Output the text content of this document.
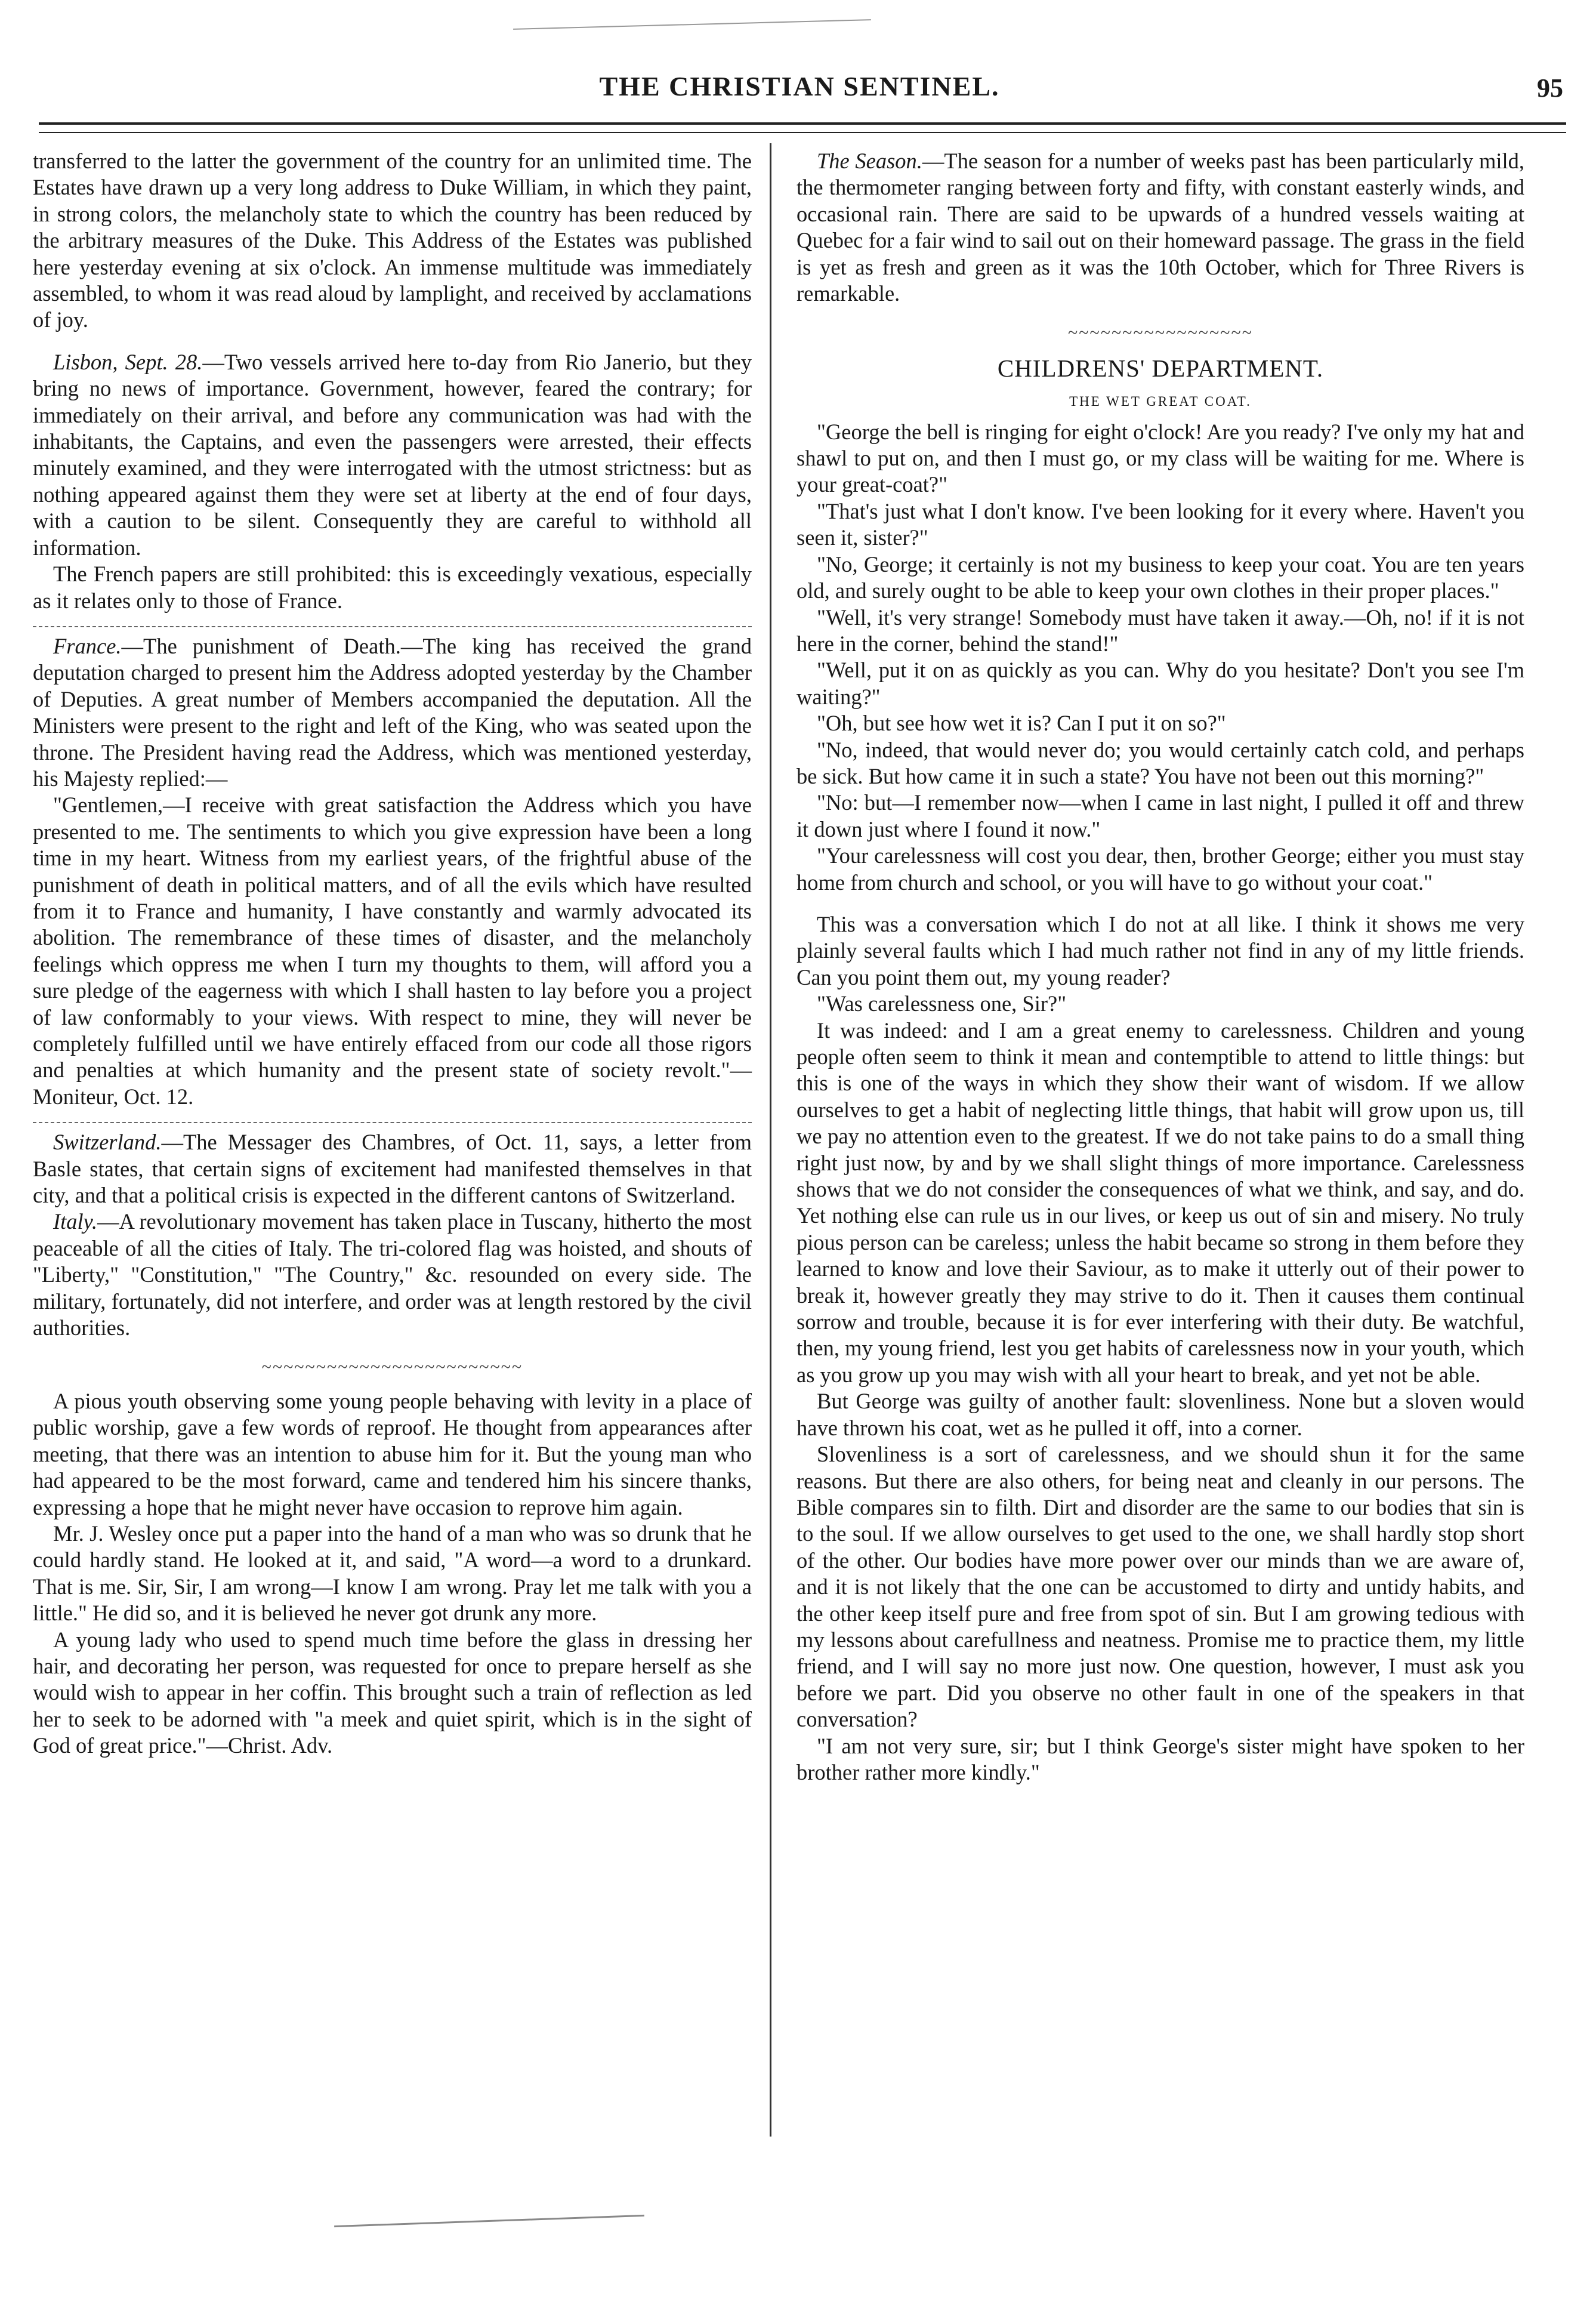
THE CHRISTIAN SENTINEL.	95

transferred to the latter the government of the country for an unlimited time. The Estates have drawn up a very long address to Duke William, in which they paint, in strong colors, the melancholy state to which the country has been reduced by the arbitrary measures of the Duke. This Address of the Estates was published here yesterday evening at six o'clock. An immense multitude was immediately assembled, to whom it was read aloud by lamplight, and received by acclamations of joy.

Lisbon, Sept. 28.—Two vessels arrived here to-day from Rio Janerio, but they bring no news of importance. Government, however, feared the contrary; for immediately on their arrival, and before any communication was had with the inhabitants, the Captains, and even the passengers were arrested, their effects minutely examined, and they were interrogated with the utmost strictness: but as nothing appeared against them they were set at liberty at the end of four days, with a caution to be silent. Consequently they are careful to withhold all information.

The French papers are still prohibited: this is exceedingly vexatious, especially as it relates only to those of France.

France.—The punishment of Death.—The king has received the grand deputation charged to present him the Address adopted yesterday by the Chamber of Deputies. A great number of Members accompanied the deputation. All the Ministers were present to the right and left of the King, who was seated upon the throne. The President having read the Address, which was mentioned yesterday, his Majesty replied:—

"Gentlemen,—I receive with great satisfaction the Address which you have presented to me. The sentiments to which you give expression have been a long time in my heart. Witness from my earliest years, of the frightful abuse of the punishment of death in political matters, and of all the evils which have resulted from it to France and humanity, I have constantly and warmly advocated its abolition. The remembrance of these times of disaster, and the melancholy feelings which oppress me when I turn my thoughts to them, will afford you a sure pledge of the eagerness with which I shall hasten to lay before you a project of law conformably to your views. With respect to mine, they will never be completely fulfilled until we have entirely effaced from our code all those rigors and penalties at which humanity and the present state of society revolt."—Moniteur, Oct. 12.

Switzerland.—The Messager des Chambres, of Oct. 11, says, a letter from Basle states, that certain signs of excitement had manifested themselves in that city, and that a political crisis is expected in the different cantons of Switzerland.

Italy.—A revolutionary movement has taken place in Tuscany, hitherto the most peaceable of all the cities of Italy. The tri-colored flag was hoisted, and shouts of "Liberty," "Constitution," "The Country," &c. resounded on every side. The military, fortunately, did not interfere, and order was at length restored by the civil authorities.

~~~~~~~~~~~~~~~~~~~~~~~~

A pious youth observing some young people behaving with levity in a place of public worship, gave a few words of reproof. He thought from appearances after meeting, that there was an intention to abuse him for it. But the young man who had appeared to be the most forward, came and tendered him his sincere thanks, expressing a hope that he might never have occasion to reprove him again.

Mr. J. Wesley once put a paper into the hand of a man who was so drunk that he could hardly stand. He looked at it, and said, "A word—a word to a drunkard. That is me. Sir, Sir, I am wrong—I know I am wrong. Pray let me talk with you a little." He did so, and it is believed he never got drunk any more.

A young lady who used to spend much time before the glass in dressing her hair, and decorating her person, was requested for once to prepare herself as she would wish to appear in her coffin. This brought such a train of reflection as led her to seek to be adorned with "a meek and quiet spirit, which is in the sight of God of great price."—Christ. Adv.

The Season.—The season for a number of weeks past has been particularly mild, the thermometer ranging between forty and fifty, with constant easterly winds, and occasional rain. There are said to be upwards of a hundred vessels waiting at Quebec for a fair wind to sail out on their homeward passage. The grass in the field is yet as fresh and green as it was the 10th October, which for Three Rivers is remarkable.

~~~~~~~~~~~~~~~~~
CHILDRENS' DEPARTMENT.
THE WET GREAT COAT.

"George the bell is ringing for eight o'clock! Are you ready? I've only my hat and shawl to put on, and then I must go, or my class will be waiting for me. Where is your great-coat?"

"That's just what I don't know. I've been looking for it every where. Haven't you seen it, sister?"

"No, George; it certainly is not my business to keep your coat. You are ten years old, and surely ought to be able to keep your own clothes in their proper places."

"Well, it's very strange! Somebody must have taken it away.—Oh, no! if it is not here in the corner, behind the stand!"

"Well, put it on as quickly as you can. Why do you hesitate? Don't you see I'm waiting?"

"Oh, but see how wet it is? Can I put it on so?"

"No, indeed, that would never do; you would certainly catch cold, and perhaps be sick. But how came it in such a state? You have not been out this morning?"

"No: but—I remember now—when I came in last night, I pulled it off and threw it down just where I found it now."

"Your carelessness will cost you dear, then, brother George; either you must stay home from church and school, or you will have to go without your coat."

This was a conversation which I do not at all like. I think it shows me very plainly several faults which I had much rather not find in any of my little friends. Can you point them out, my young reader?

"Was carelessness one, Sir?"

It was indeed: and I am a great enemy to carelessness. Children and young people often seem to think it mean and contemptible to attend to little things: but this is one of the ways in which they show their want of wisdom. If we allow ourselves to get a habit of neglecting little things, that habit will grow upon us, till we pay no attention even to the greatest. If we do not take pains to do a small thing right just now, by and by we shall slight things of more importance. Carelessness shows that we do not consider the consequences of what we think, and say, and do. Yet nothing else can rule us in our lives, or keep us out of sin and misery. No truly pious person can be careless; unless the habit became so strong in them before they learned to know and love their Saviour, as to make it utterly out of their power to break it, however greatly they may strive to do it. Then it causes them continual sorrow and trouble, because it is for ever interfering with their duty. Be watchful, then, my young friend, lest you get habits of carelessness now in your youth, which as you grow up you may wish with all your heart to break, and yet not be able.

But George was guilty of another fault: slovenliness. None but a sloven would have thrown his coat, wet as he pulled it off, into a corner.

Slovenliness is a sort of carelessness, and we should shun it for the same reasons. But there are also others, for being neat and cleanly in our persons. The Bible compares sin to filth. Dirt and disorder are the same to our bodies that sin is to the soul. If we allow ourselves to get used to the one, we shall hardly stop short of the other. Our bodies have more power over our minds than we are aware of, and it is not likely that the one can be accustomed to dirty and untidy habits, and the other keep itself pure and free from spot of sin. But I am growing tedious with my lessons about carefullness and neatness. Promise me to practice them, my little friend, and I will say no more just now. One question, however, I must ask you before we part. Did you observe no other fault in one of the speakers in that conversation?

"I am not very sure, sir; but I think George's sister might have spoken to her brother rather more kindly."
